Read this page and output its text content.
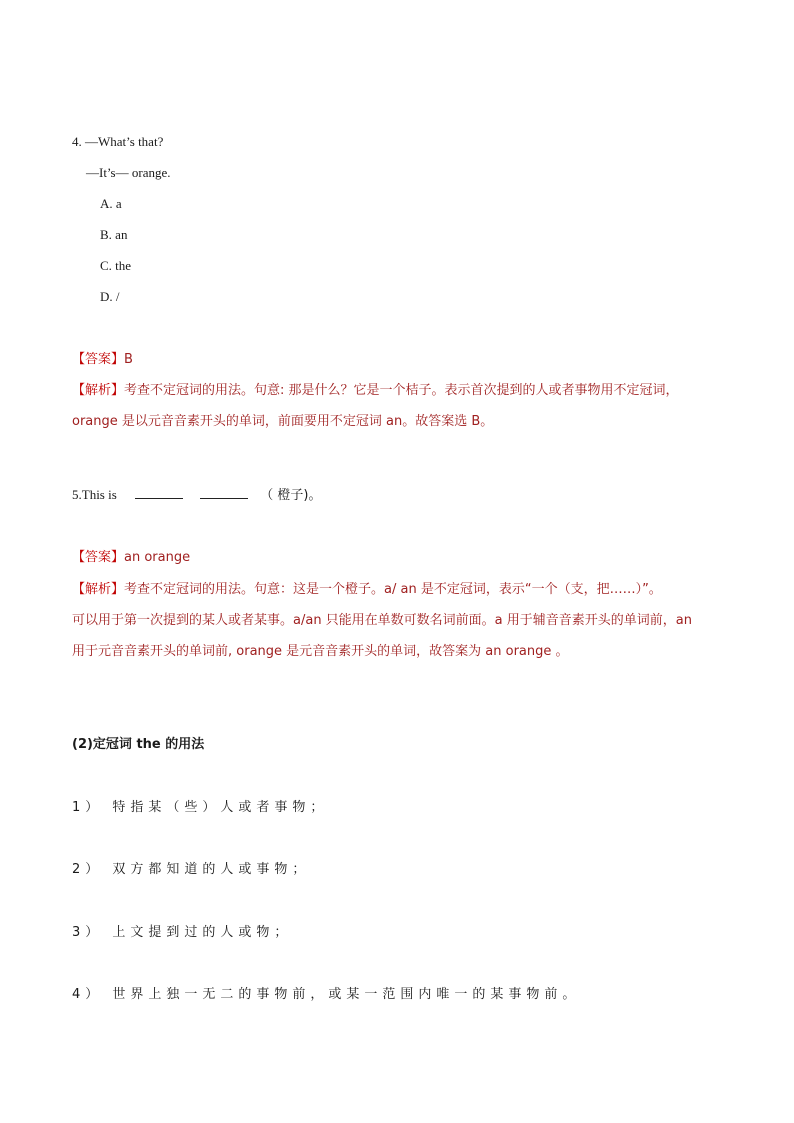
4. —What’s that?
—It’s— orange.
A. a
B. an
C. the
D. /
【答案】B
【解析】考查不定冠词的用法。句意: 那是什么？它是一个桔子。表示首次提到的人或者事物用不定冠词，
orange 是以元音音素开头的单词，前面要用不定冠词 an。故答案选 B。
5.This is	（ 橙子)。
【答案】an orange
【解析】考查不定冠词的用法。句意：这是一个橙子。a/ an 是不定冠词，表示“一个（支，把……）”。
可以用于第一次提到的某人或者某事。a/an 只能用在单数可数名词前面。a 用于辅音音素开头的单词前，an
用于元音音素开头的单词前, orange 是元音音素开头的单词，故答案为 an orange 。
(2)定冠词 the 的用法
1） 特指某（些）人或者事物；
2） 双方都知道的人或事物；
3） 上文提到过的人或物；
4） 世界上独一无二的事物前，或某一范围内唯一的某事物前。
